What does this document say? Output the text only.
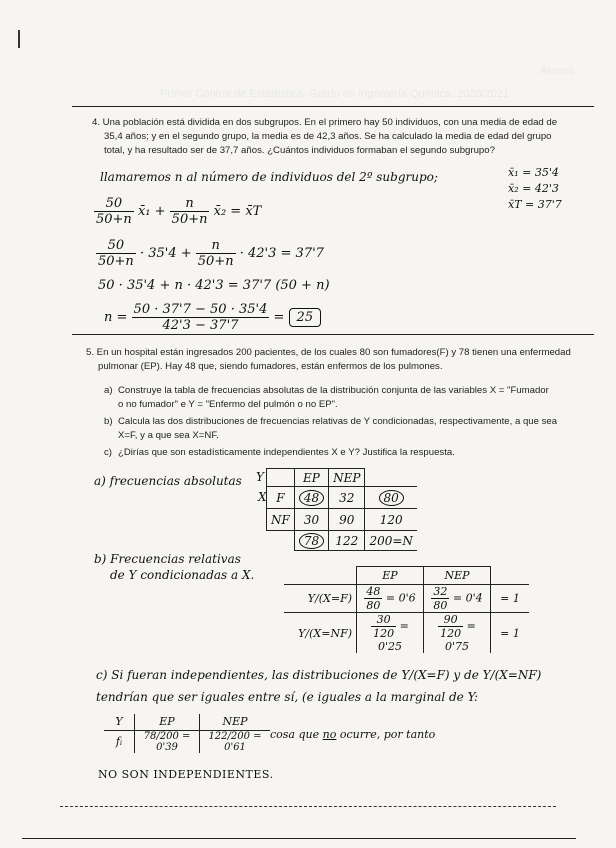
Alumno
Primer Control de Estadística. Grado en Ingeniería Química. 2020/2021
4. Una población está dividida en dos subgrupos. En el primero hay 50 individuos, con una media de edad de
35,4 años; y en el segundo grupo, la media es de 42,3 años. Se ha calculado la media de edad del grupo
total, y ha resultado ser de 37,7 años. ¿Cuántos individuos formaban el segundo subgrupo?
llamaremos n al número de individuos del 2º subgrupo;	x̄₁ = 35'4
x̄₂ = 42'3
x̄T = 37'7
$\frac{50}{50+n}$ x̄₁ + $\frac{n}{50+n}$ x̄₂ = x̄T
$\frac{50}{50+n} \cdot 35'4 + \frac{n}{50+n} \cdot 42'3 = 37'7$
50 · 35'4 + n · 42'3 = 37'7 (50 + n)
$n = \frac{50 \cdot 37'7 - 50 \cdot 35'4}{42'3 - 37'7} = 25$
5. En un hospital están ingresados 200 pacientes, de los cuales 80 son fumadores(F) y 78 tienen una enfermedad
pulmonar (EP). Hay 48 que, siendo fumadores, están enfermos de los pulmones.
a) Construye la tabla de frecuencias absolutas de la distribución conjunta de las variables X = "Fumador
o no fumador" e Y = "Enfermo del pulmón o no EP".
b) Calcula las dos distribuciones de frecuencias relativas de Y condicionadas, respectivamente, a que sea
X=F, y a que sea X=NF.
c) ¿Dirías que son estadísticamente independientes X e Y? Justifica la respuesta.
a) frecuencias absolutas Y
X
	EP	NEP	
F	48	32	80
NF	30	90	120
	78	122	200=N
b) Frecuencias relativas
de Y condicionadas a X.
		EP	NEP	
Y/(X=F)	$\frac{48}{80} = 0'6$	$\frac{32}{80} = 0'4$	= 1
Y/(X=NF)	$\frac{30}{120} = 0'25$	$\frac{90}{120} = 0'75$	= 1
c) Si fueran independientes, las distribuciones de Y/(X=F) y de Y/(X=NF)
tendrían que ser iguales entre sí, (e iguales a la marginal de Y:
Y	EP	NEP
fᵢ	78/200 = 0'39	122/200 = 0'61
cosa que no ocurre, por tanto
NO SON INDEPENDIENTES.
